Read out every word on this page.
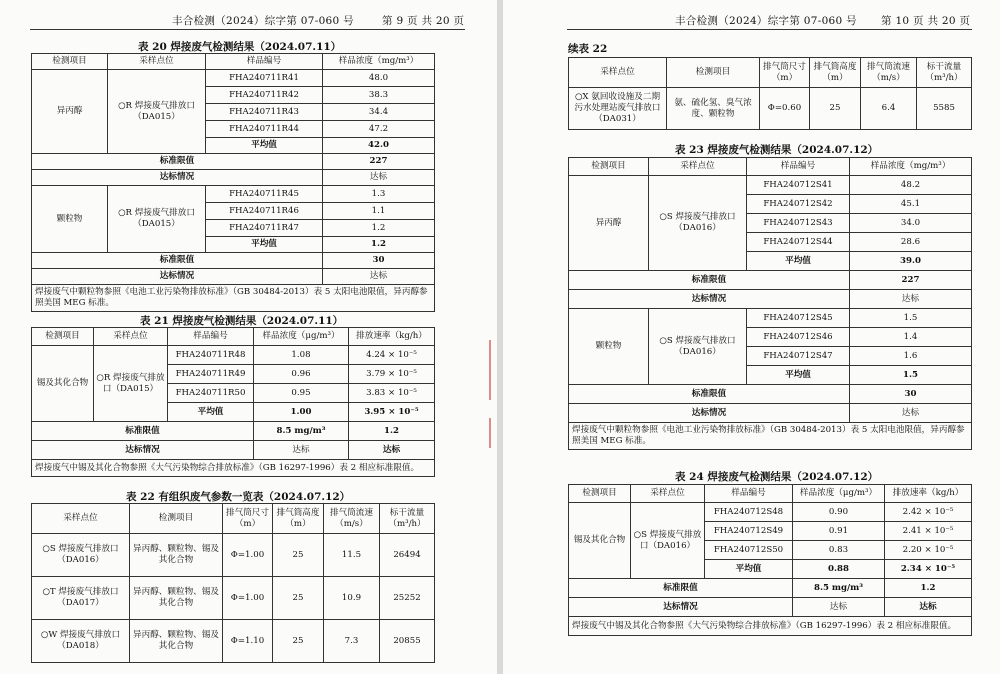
丰合检测（2024）综字第 07-060 号	第 9 页 共 20 页
表 20 焊接废气检测结果（2024.07.11）
检测项目	采样点位	样品编号	样品浓度（mg/m³）
异丙醇	○R 焊接废气排放口（DA015）	FHA240711R41	48.0
		FHA240711R42	38.3
		FHA240711R43	34.4
		FHA240711R44	47.2
		平均值	42.0
标准限值			227
达标情况			达标
颗粒物	○R 焊接废气排放口（DA015）	FHA240711R45	1.3
		FHA240711R46	1.1
		FHA240711R47	1.2
		平均值	1.2
标准限值			30
达标情况			达标
焊接废气中颗粒物参照《电池工业污染物排放标准》（GB 30484-2013）表 5 太阳电池限值，异丙醇参照美国 MEG 标准。			
表 21 焊接废气检测结果（2024.07.11）
检测项目	采样点位	样品编号	样品浓度（μg/m³）	排放速率（kg/h）
锡及其化合物	○R 焊接废气排放口（DA015）	FHA240711R48	1.08	4.24 × 10⁻⁵
		FHA240711R49	0.96	3.79 × 10⁻⁵
		FHA240711R50	0.95	3.83 × 10⁻⁵
		平均值	1.00	3.95 × 10⁻⁵
标准限值			8.5 mg/m³	1.2
达标情况			达标	达标
焊接废气中锡及其化合物参照《大气污染物综合排放标准》（GB 16297-1996）表 2 相应标准限值。				
表 22 有组织废气参数一览表（2024.07.12）
采样点位	检测项目	排气筒尺寸（m）	排气筒高度（m）	排气筒流速（m/s）	标干流量（m³/h）
○S 焊接废气排放口（DA016）	异丙醇、颗粒物、锡及其化合物	Φ=1.00	25	11.5	26494
○T 焊接废气排放口（DA017）	异丙醇、颗粒物、锡及其化合物	Φ=1.00	25	10.9	25252
○W 焊接废气排放口（DA018）	异丙醇、颗粒物、锡及其化合物	Φ=1.10	25	7.3	20855
丰合检测（2024）综字第 07-060 号 第 10 页 共 20 页
续表 22
采样点位	检测项目	排气筒尺寸（m）	排气筒高度（m）	排气筒流速（m/s）	标干流量（m³/h）
○X 氨回收设施及二期污水处理站废气排放口（DA031）	氨、硫化氢、臭气浓度、颗粒物	Φ=0.60	25	6.4	5585
表 23 焊接废气检测结果（2024.07.12）
检测项目	采样点位	样品编号	样品浓度（mg/m³）
异丙醇	○S 焊接废气排放口（DA016）	FHA240712S41	48.2
		FHA240712S42	45.1
		FHA240712S43	34.0
		FHA240712S44	28.6
		平均值	39.0
标准限值			227
达标情况			达标
颗粒物	○S 焊接废气排放口（DA016）	FHA240712S45	1.5
		FHA240712S46	1.4
		FHA240712S47	1.6
		平均值	1.5
标准限值			30
达标情况			达标
焊接废气中颗粒物参照《电池工业污染物排放标准》（GB 30484-2013）表 5 太阳电池限值，异丙醇参照美国 MEG 标准。			
表 24 焊接废气检测结果（2024.07.12）
检测项目	采样点位	样品编号	样品浓度（μg/m³）	排放速率（kg/h）
锡及其化合物	○S 焊接废气排放口（DA016）	FHA240712S48	0.90	2.42 × 10⁻⁵
		FHA240712S49	0.91	2.41 × 10⁻⁵
		FHA240712S50	0.83	2.20 × 10⁻⁵
		平均值	0.88	2.34 × 10⁻⁵
标准限值			8.5 mg/m³	1.2
达标情况			达标	达标
焊接废气中锡及其化合物参照《大气污染物综合排放标准》（GB 16297-1996）表 2 相应标准限值。				
